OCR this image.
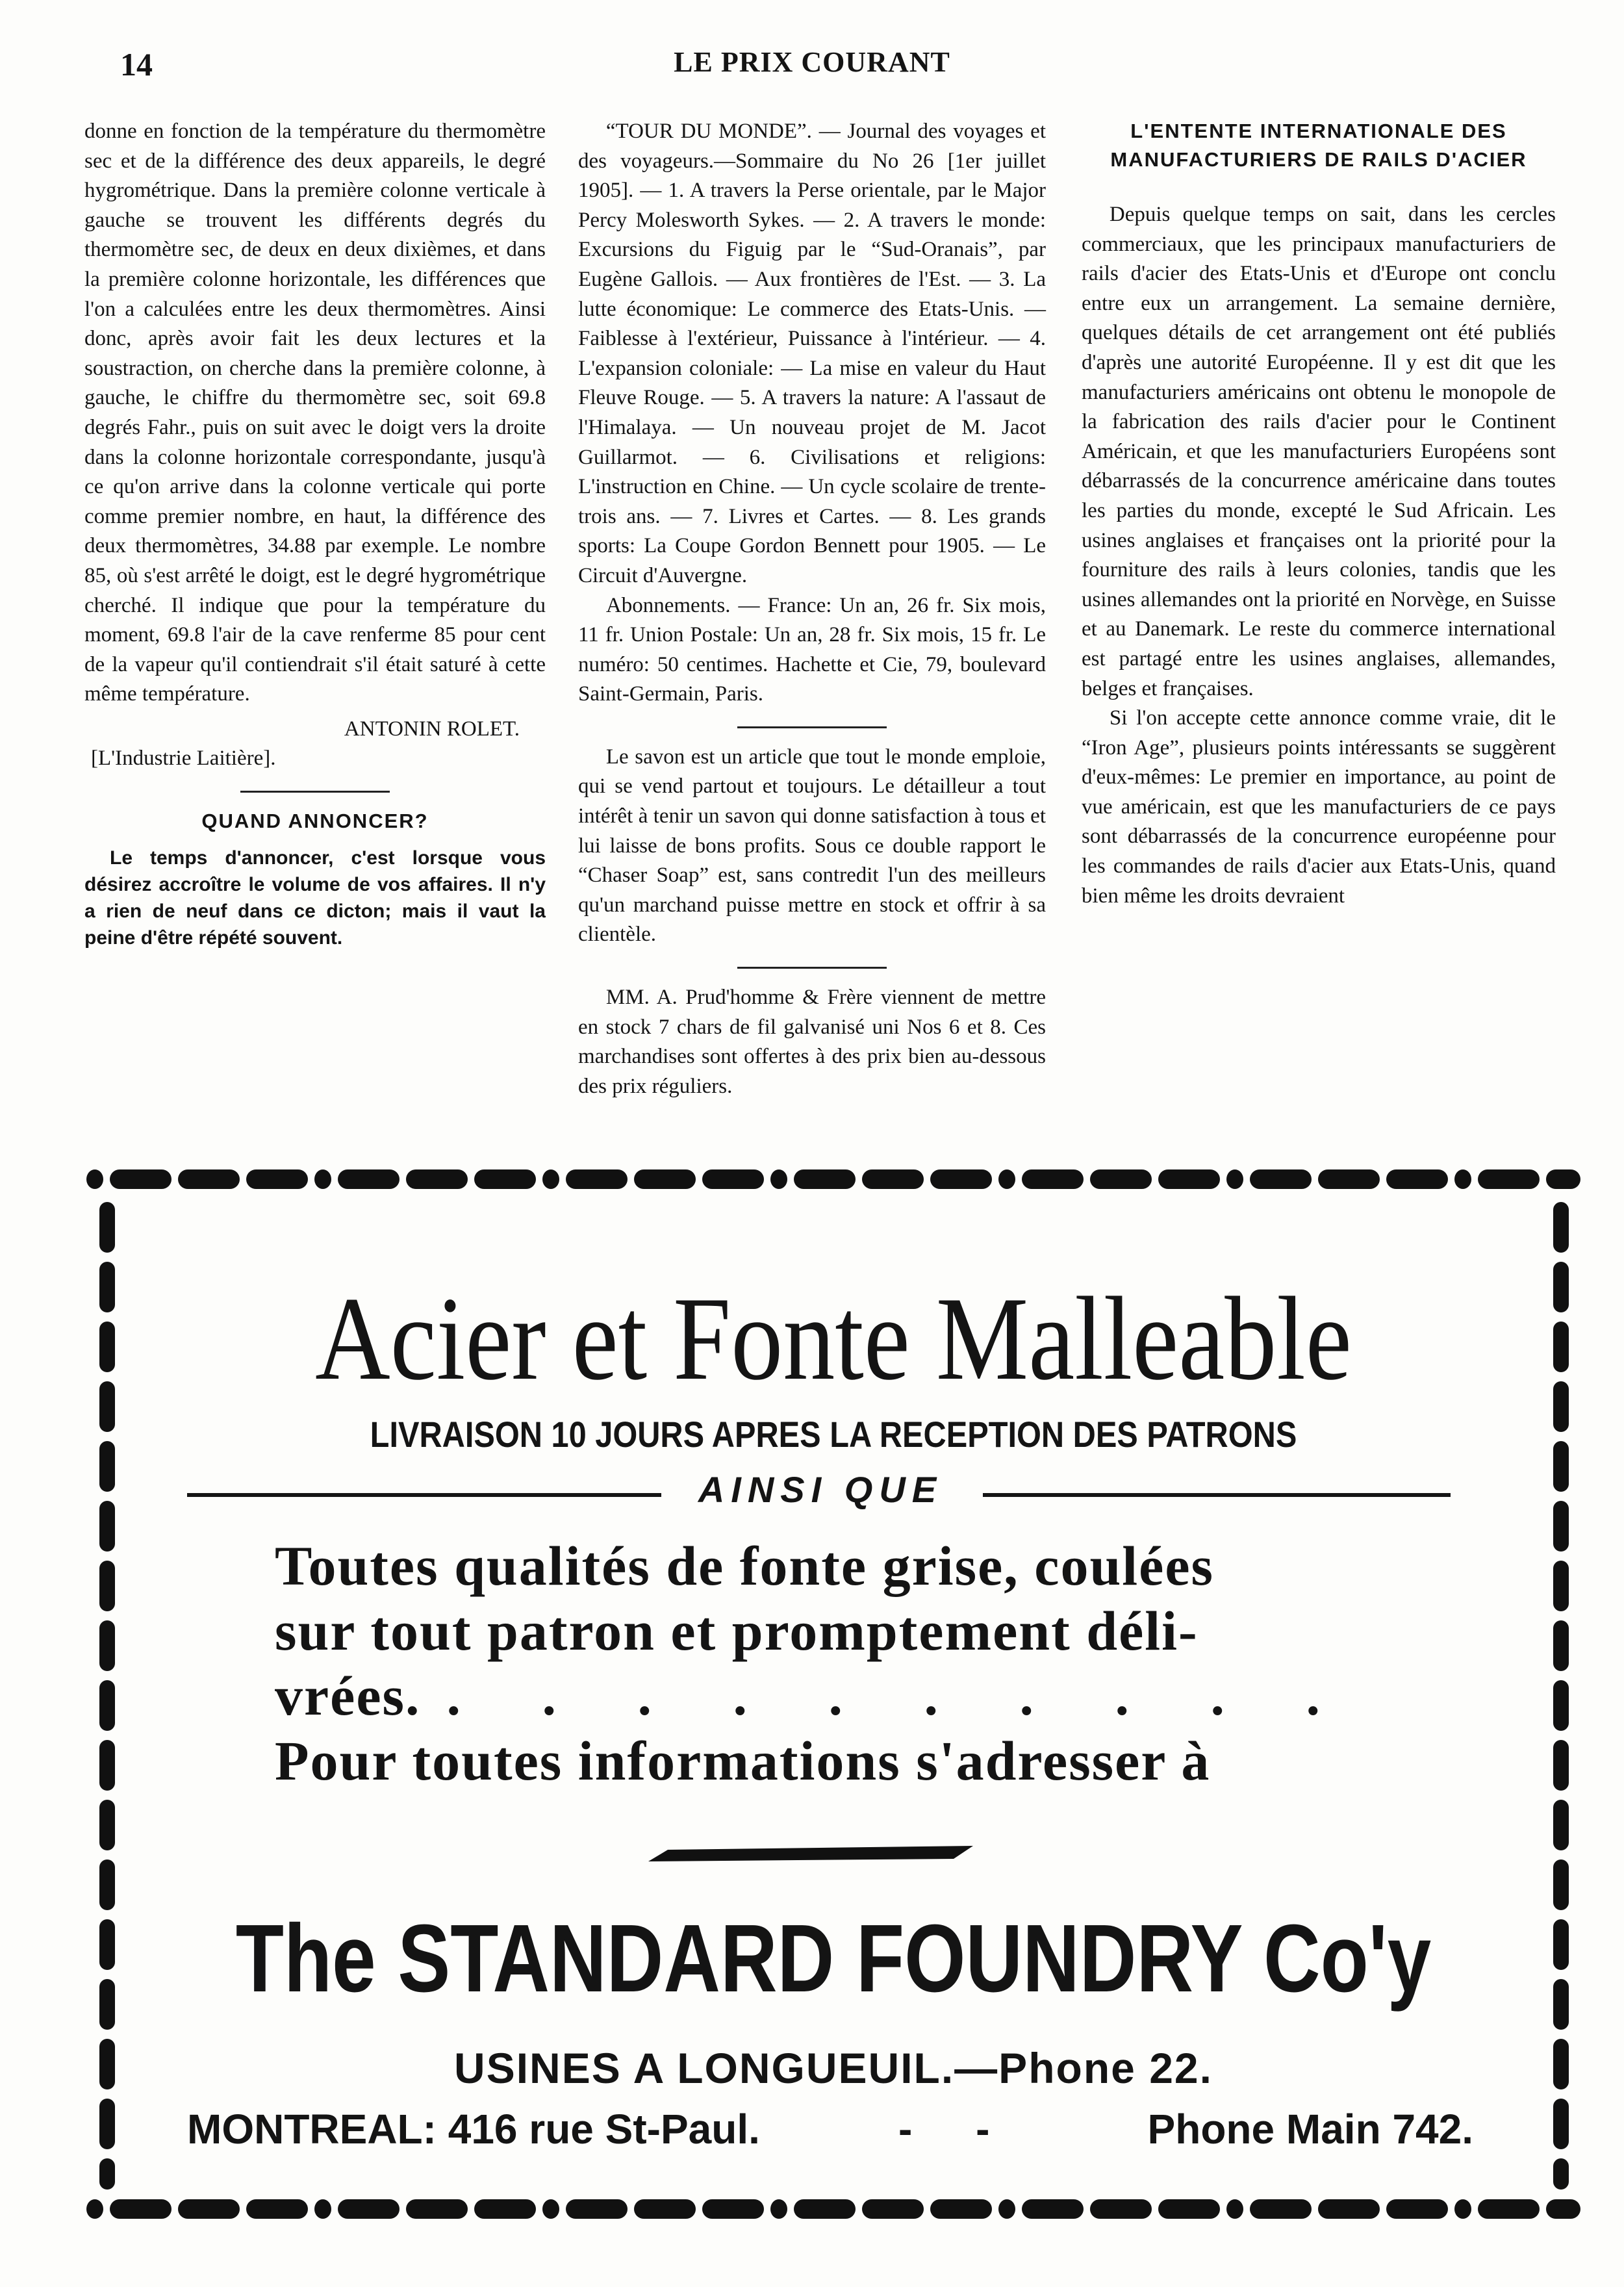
14	LE PRIX COURANT

donne en fonction de la température du thermomètre sec et de la différence des deux appareils, le degré hygrométrique. Dans la première colonne verticale à gauche se trouvent les différents degrés du thermomètre sec, de deux en deux dixièmes, et dans la première colonne horizontale, les différences que l'on a calculées entre les deux thermomètres. Ainsi donc, après avoir fait les deux lectures et la soustraction, on cherche dans la première colonne, à gauche, le chiffre du thermomètre sec, soit 69.8 degrés Fahr., puis on suit avec le doigt vers la droite dans la colonne horizontale correspondante, jusqu'à ce qu'on arrive dans la colonne verticale qui porte comme premier nombre, en haut, la différence des deux thermomètres, 34.88 par exemple. Le nombre 85, où s'est arrêté le doigt, est le degré hygrométrique cherché. Il indique que pour la température du moment, 69.8 l'air de la cave renferme 85 pour cent de la vapeur qu'il contiendrait s'il était saturé à cette même température.

ANTONIN ROLET.

[L'Industrie Laitière].

QUAND ANNONCER?

Le temps d'annoncer, c'est lorsque vous désirez accroître le volume de vos affaires. Il n'y a rien de neuf dans ce dicton; mais il vaut la peine d'être répété souvent.

“TOUR DU MONDE”. — Journal des voyages et des voyageurs.—Sommaire du No 26 [1er juillet 1905]. — 1. A travers la Perse orientale, par le Major Percy Molesworth Sykes. — 2. A travers le monde: Excursions du Figuig par le “Sud-Oranais”, par Eugène Gallois. — Aux frontières de l'Est. — 3. La lutte économique: Le commerce des Etats-Unis. — Faiblesse à l'extérieur, Puissance à l'intérieur. — 4. L'expansion coloniale: — La mise en valeur du Haut Fleuve Rouge. — 5. A travers la nature: A l'assaut de l'Himalaya. — Un nouveau projet de M. Jacot Guillarmot. — 6. Civilisations et religions: L'instruction en Chine. — Un cycle scolaire de trente-trois ans. — 7. Livres et Cartes. — 8. Les grands sports: La Coupe Gordon Bennett pour 1905. — Le Circuit d'Auvergne.

Abonnements. — France: Un an, 26 fr. Six mois, 11 fr. Union Postale: Un an, 28 fr. Six mois, 15 fr. Le numéro: 50 centimes. Hachette et Cie, 79, boulevard Saint-Germain, Paris.

Le savon est un article que tout le monde emploie, qui se vend partout et toujours. Le détailleur a tout intérêt à tenir un savon qui donne satisfaction à tous et lui laisse de bons profits. Sous ce double rapport le “Chaser Soap” est, sans contredit l'un des meilleurs qu'un marchand puisse mettre en stock et offrir à sa clientèle.

MM. A. Prud'homme & Frère viennent de mettre en stock 7 chars de fil galvanisé uni Nos 6 et 8. Ces marchandises sont offertes à des prix bien au-dessous des prix réguliers.

L'ENTENTE INTERNATIONALE DES MANUFACTURIERS DE RAILS D'ACIER

Depuis quelque temps on sait, dans les cercles commerciaux, que les principaux manufacturiers de rails d'acier des Etats-Unis et d'Europe ont conclu entre eux un arrangement. La semaine dernière, quelques détails de cet arrangement ont été publiés d'après une autorité Européenne. Il y est dit que les manufacturiers américains ont obtenu le monopole de la fabrication des rails d'acier pour le Continent Américain, et que les manufacturiers Européens sont débarrassés de la concurrence américaine dans toutes les parties du monde, excepté le Sud Africain. Les usines anglaises et françaises ont la priorité pour la fourniture des rails à leurs colonies, tandis que les usines allemandes ont la priorité en Norvège, en Suisse et au Danemark. Le reste du commerce international est partagé entre les usines anglaises, allemandes, belges et françaises.

Si l'on accepte cette annonce comme vraie, dit le “Iron Age”, plusieurs points intéressants se suggèrent d'eux-mêmes: Le premier en importance, au point de vue américain, est que les manufacturiers de ce pays sont débarrassés de la concurrence européenne pour les commandes de rails d'acier aux Etats-Unis, quand bien même les droits devraient

Acier et Fonte Malleable
LIVRAISON 10 JOURS APRES LA RECEPTION DES PATRONS
AINSI QUE
Toutes qualités de fonte grise, coulées
sur tout patron et promptement déli-
vrées. . . . . . . . . . .
Pour toutes informations s'adresser à
The STANDARD FOUNDRY Co'y
USINES A LONGUEUIL.—Phone 22.
MONTREAL: 416 rue St-Paul.	- -	Phone Main 742.
